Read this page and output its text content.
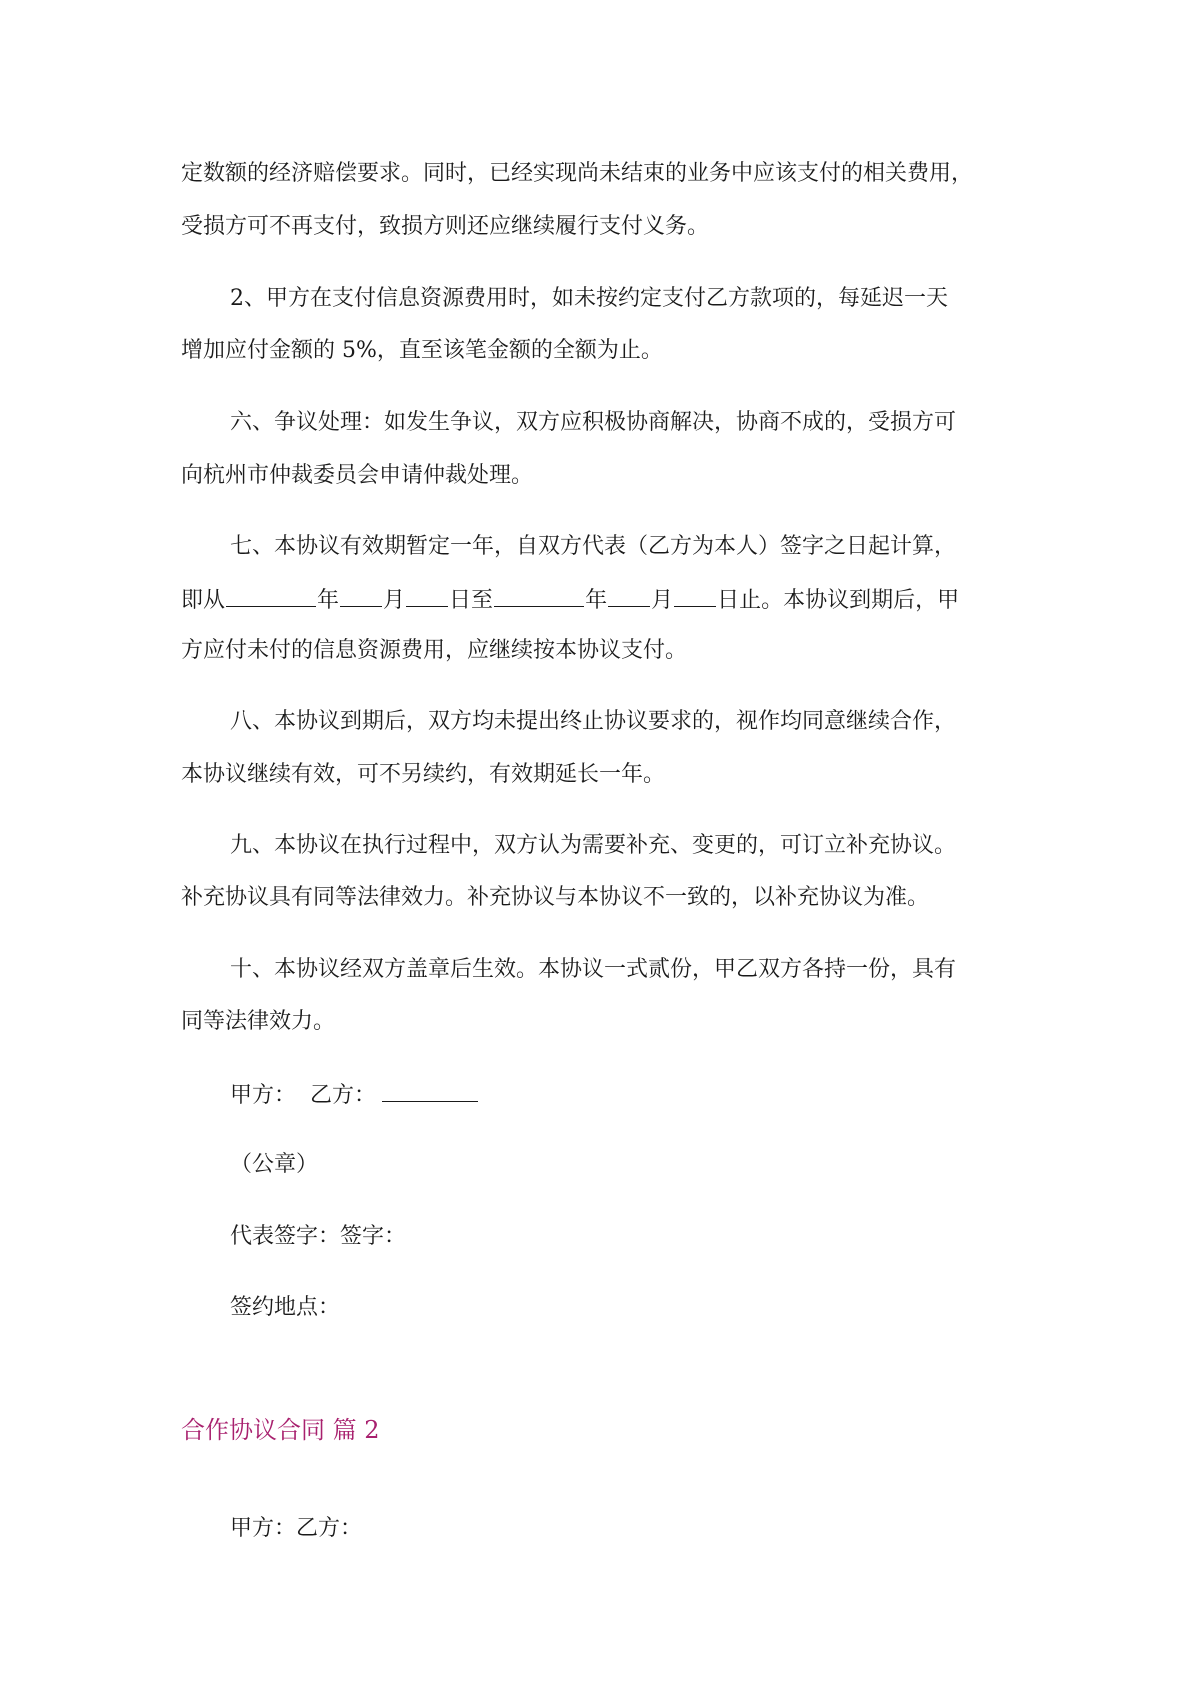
定数额的经济赔偿要求。同时，已经实现尚未结束的业务中应该支付的相关费用，
受损方可不再支付，致损方则还应继续履行支付义务。
2、甲方在支付信息资源费用时，如未按约定支付乙方款项的，每延迟一天
增加应付金额的 5%，直至该笔金额的全额为止。
六、争议处理：如发生争议，双方应积极协商解决，协商不成的，受损方可
向杭州市仲裁委员会申请仲裁处理。
七、本协议有效期暂定一年，自双方代表（乙方为本人）签字之日起计算，
即从	年 月 日至	年 月 日止。本协议到期后，甲
方应付未付的信息资源费用，应继续按本协议支付。
八、本协议到期后，双方均未提出终止协议要求的，视作均同意继续合作，
本协议继续有效，可不另续约，有效期延长一年。
九、本协议在执行过程中，双方认为需要补充、变更的，可订立补充协议。
补充协议具有同等法律效力。补充协议与本协议不一致的，以补充协议为准。
十、本协议经双方盖章后生效。本协议一式贰份，甲乙双方各持一份，具有
同等法律效力。
甲方： 乙方：
（公章）
代表签字：签字：
签约地点：
合作协议合同 篇 2
甲方：乙方：
